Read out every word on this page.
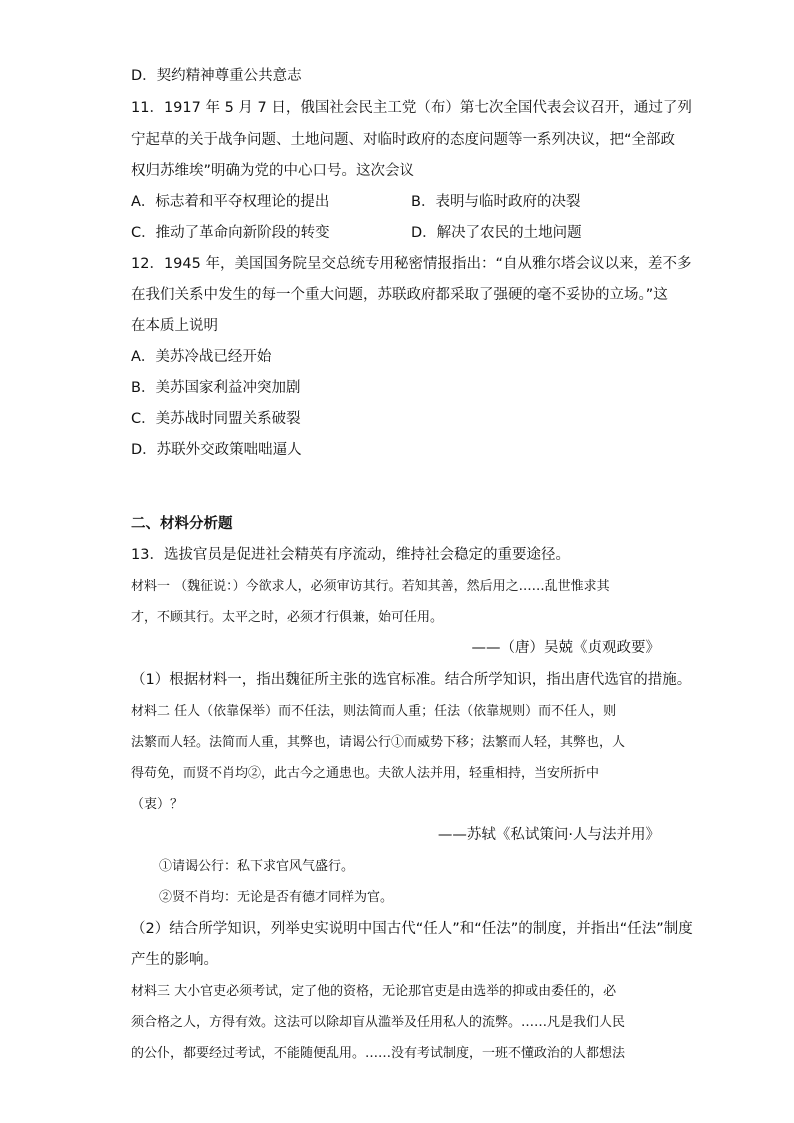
D．契约精神尊重公共意志
11．1917 年 5 月 7 日，俄国社会民主工党（布）第七次全国代表会议召开，通过了列
宁起草的关于战争问题、土地问题、对临时政府的态度问题等一系列决议，把“全部政
权归苏维埃”明确为党的中心口号。这次会议
A．标志着和平夺权理论的提出	B．表明与临时政府的决裂
C．推动了革命向新阶段的转变	D．解决了农民的土地问题
12．1945 年，美国国务院呈交总统专用秘密情报指出：“自从雅尔塔会议以来，差不多
在我们关系中发生的每一个重大问题，苏联政府都采取了强硬的毫不妥协的立场。”这
在本质上说明
A．美苏冷战已经开始
B．美苏国家利益冲突加剧
C．美苏战时同盟关系破裂
D．苏联外交政策咄咄逼人
二、材料分析题
13．选拔官员是促进社会精英有序流动，维持社会稳定的重要途径。
材料一 （魏征说：）今欲求人，必须审访其行。若知其善，然后用之……乱世惟求其
才，不顾其行。太平之时，必须才行俱兼，始可任用。
——（唐）吴兢《贞观政要》
（1）根据材料一，指出魏征所主张的选官标准。结合所学知识，指出唐代选官的措施。
材料二 任人（依靠保举）而不任法，则法简而人重；任法（依靠规则）而不任人，则
法繁而人轻。法简而人重，其弊也，请谒公行①而威势下移；法繁而人轻，其弊也，人
得苟免，而贤不肖均②，此古今之通患也。夫欲人法并用，轻重相持，当安所折中
（衷）？
——苏轼《私试策问·人与法并用》
①请谒公行：私下求官风气盛行。
②贤不肖均：无论是否有德才同样为官。
（2）结合所学知识，列举史实说明中国古代“任人”和“任法”的制度，并指出“任法”制度
产生的影响。
材料三 大小官吏必须考试，定了他的资格，无论那官吏是由选举的抑或由委任的，必
须合格之人，方得有效。这法可以除却盲从滥举及任用私人的流弊。……凡是我们人民
的公仆，都要经过考试，不能随便乱用。……没有考试制度，一班不懂政治的人都想法
